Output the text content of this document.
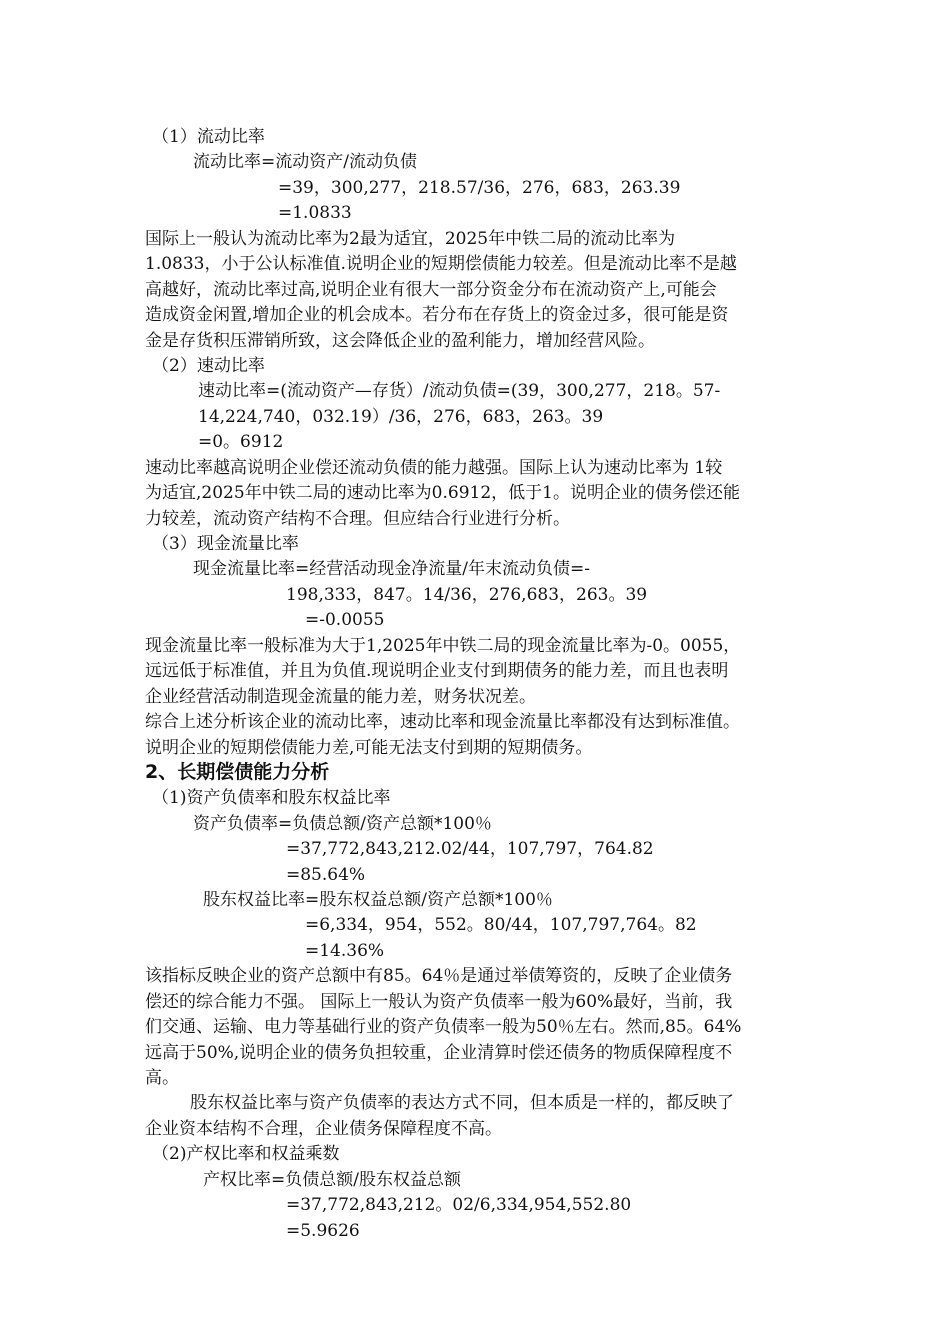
（1）流动比率
流动比率=流动资产/流动负债
=39，300,277，218.57/36，276，683，263.39
=1.0833
国际上一般认为流动比率为2最为适宜，2025年中铁二局的流动比率为
1.0833，小于公认标准值.说明企业的短期偿债能力较差。但是流动比率不是越
高越好，流动比率过高,说明企业有很大一部分资金分布在流动资产上,可能会
造成资金闲置,增加企业的机会成本。若分布在存货上的资金过多，很可能是资
金是存货积压滞销所致，这会降低企业的盈利能力，增加经营风险。
（2）速动比率
速动比率=(流动资产—存货）/流动负债=(39，300,277，218。57-
14,224,740，032.19）/36，276，683，263。39
=0。6912
速动比率越高说明企业偿还流动负债的能力越强。国际上认为速动比率为 1较
为适宜,2025年中铁二局的速动比率为0.6912，低于1。说明企业的债务偿还能
力较差，流动资产结构不合理。但应结合行业进行分析。
（3）现金流量比率
现金流量比率=经营活动现金净流量/年末流动负债=-
198,333，847。14/36，276,683，263。39
=-0.0055
现金流量比率一般标准为大于1,2025年中铁二局的现金流量比率为-0。0055，
远远低于标准值，并且为负值.现说明企业支付到期债务的能力差，而且也表明
企业经营活动制造现金流量的能力差，财务状况差。
综合上述分析该企业的流动比率，速动比率和现金流量比率都没有达到标准值。
说明企业的短期偿债能力差,可能无法支付到期的短期债务。
2、长期偿债能力分析
（1)资产负债率和股东权益比率
资产负债率=负债总额/资产总额*100％
=37,772,843,212.02/44，107,797，764.82
=85.64%
股东权益比率=股东权益总额/资产总额*100％
=6,334，954，552。80/44，107,797,764。82
=14.36%
该指标反映企业的资产总额中有85。64％是通过举债筹资的，反映了企业债务
偿还的综合能力不强。 国际上一般认为资产负债率一般为60%最好，当前，我
们交通、运输、电力等基础行业的资产负债率一般为50％左右。然而,85。64%
远高于50%,说明企业的债务负担较重，企业清算时偿还债务的物质保障程度不
高。
股东权益比率与资产负债率的表达方式不同，但本质是一样的，都反映了
企业资本结构不合理，企业债务保障程度不高。
（2)产权比率和权益乘数
产权比率=负债总额/股东权益总额
=37,772,843,212。02/6,334,954,552.80
=5.9626
